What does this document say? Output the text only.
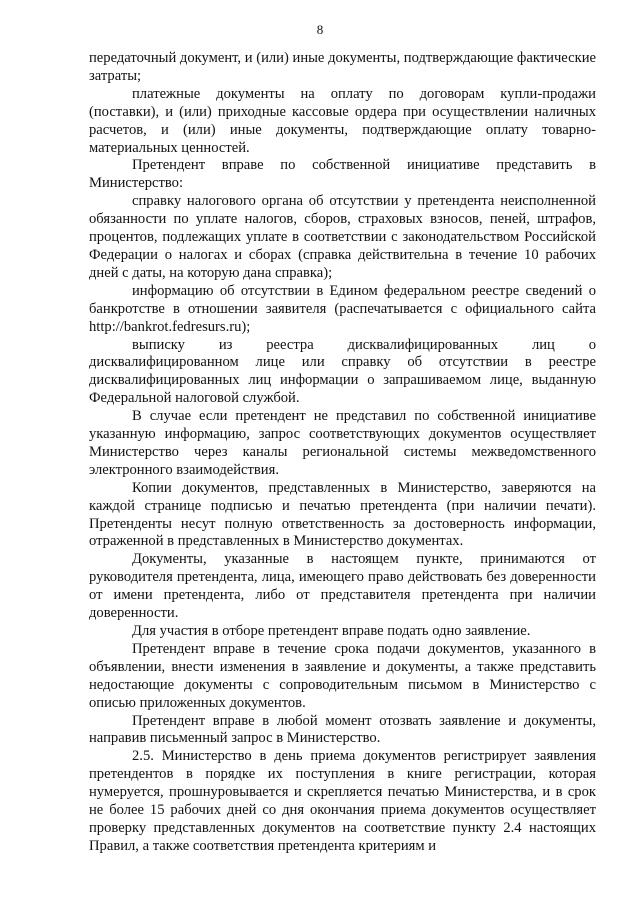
8

передаточный документ, и (или) иные документы, подтверждающие фактические затраты;

платежные документы на оплату по договорам купли-продажи (поставки), и (или) приходные кассовые ордера при осуществлении наличных расчетов, и (или) иные документы, подтверждающие оплату товарно-материальных ценностей.

Претендент вправе по собственной инициативе представить в Министерство:

справку налогового органа об отсутствии у претендента неисполненной обязанности по уплате налогов, сборов, страховых взносов, пеней, штрафов, процентов, подлежащих уплате в соответствии с законодательством Российской Федерации о налогах и сборах (справка действительна в течение 10 рабочих дней с даты, на которую дана справка);

информацию об отсутствии в Едином федеральном реестре сведений о банкротстве в отношении заявителя (распечатывается с официального сайта http://bankrot.fedresurs.ru);

выписку из реестра дисквалифицированных лиц о дисквалифицированном лице или справку об отсутствии в реестре дисквалифицированных лиц информации о запрашиваемом лице, выданную Федеральной налоговой службой.

В случае если претендент не представил по собственной инициативе указанную информацию, запрос соответствующих документов осуществляет Министерство через каналы региональной системы межведомственного электронного взаимодействия.

Копии документов, представленных в Министерство, заверяются на каждой странице подписью и печатью претендента (при наличии печати). Претенденты несут полную ответственность за достоверность информации, отраженной в представленных в Министерство документах.

Документы, указанные в настоящем пункте, принимаются от руководителя претендента, лица, имеющего право действовать без доверенности от имени претендента, либо от представителя претендента при наличии доверенности.

Для участия в отборе претендент вправе подать одно заявление.

Претендент вправе в течение срока подачи документов, указанного в объявлении, внести изменения в заявление и документы, а также представить недостающие документы с сопроводительным письмом в Министерство с описью приложенных документов.

Претендент вправе в любой момент отозвать заявление и документы, направив письменный запрос в Министерство.

2.5. Министерство в день приема документов регистрирует заявления претендентов в порядке их поступления в книге регистрации, которая нумеруется, прошнуровывается и скрепляется печатью Министерства, и в срок не более 15 рабочих дней со дня окончания приема документов осуществляет проверку представленных документов на соответствие пункту 2.4 настоящих Правил, а также соответствия претендента критериям и
